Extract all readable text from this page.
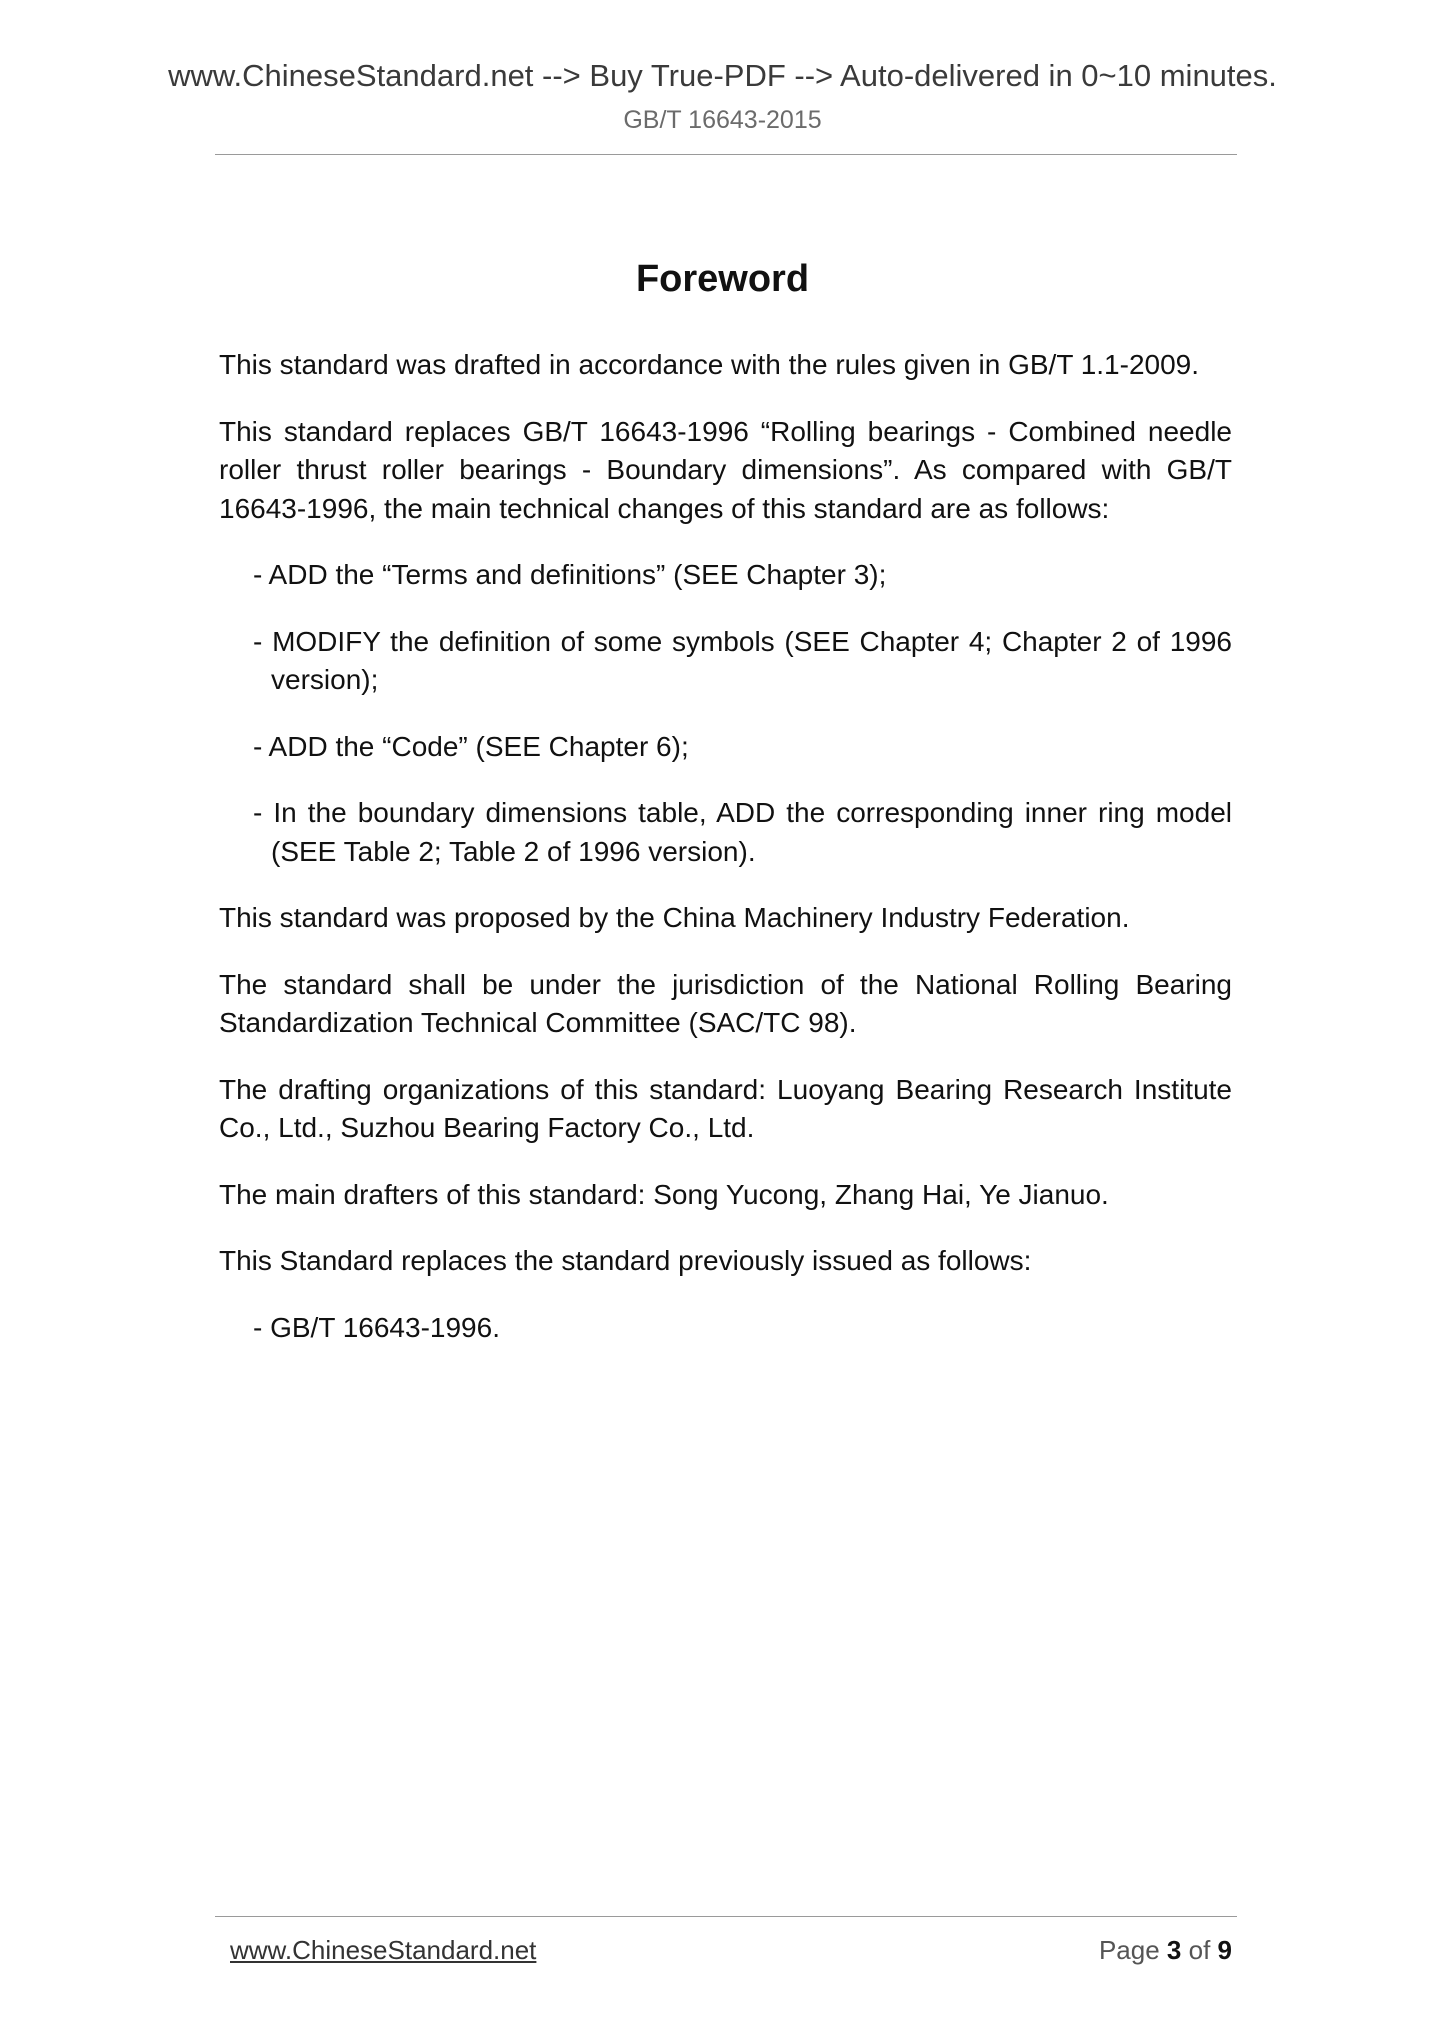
www.ChineseStandard.net --> Buy True-PDF --> Auto-delivered in 0~10 minutes.
GB/T 16643-2015
Foreword

This standard was drafted in accordance with the rules given in GB/T 1.1-2009.

This standard replaces GB/T 16643-1996 “Rolling bearings - Combined needle roller thrust roller bearings - Boundary dimensions”. As compared with GB/T 16643-1996, the main technical changes of this standard are as follows:

- ADD the “Terms and definitions” (SEE Chapter 3);

- MODIFY the definition of some symbols (SEE Chapter 4; Chapter 2 of 1996 version);

- ADD the “Code” (SEE Chapter 6);

- In the boundary dimensions table, ADD the corresponding inner ring model (SEE Table 2; Table 2 of 1996 version).

This standard was proposed by the China Machinery Industry Federation.

The standard shall be under the jurisdiction of the National Rolling Bearing Standardization Technical Committee (SAC/TC 98).

The drafting organizations of this standard: Luoyang Bearing Research Institute Co., Ltd., Suzhou Bearing Factory Co., Ltd.

The main drafters of this standard: Song Yucong, Zhang Hai, Ye Jianuo.

This Standard replaces the standard previously issued as follows:

- GB/T 16643-1996.

www.ChineseStandard.net	Page 3 of 9
